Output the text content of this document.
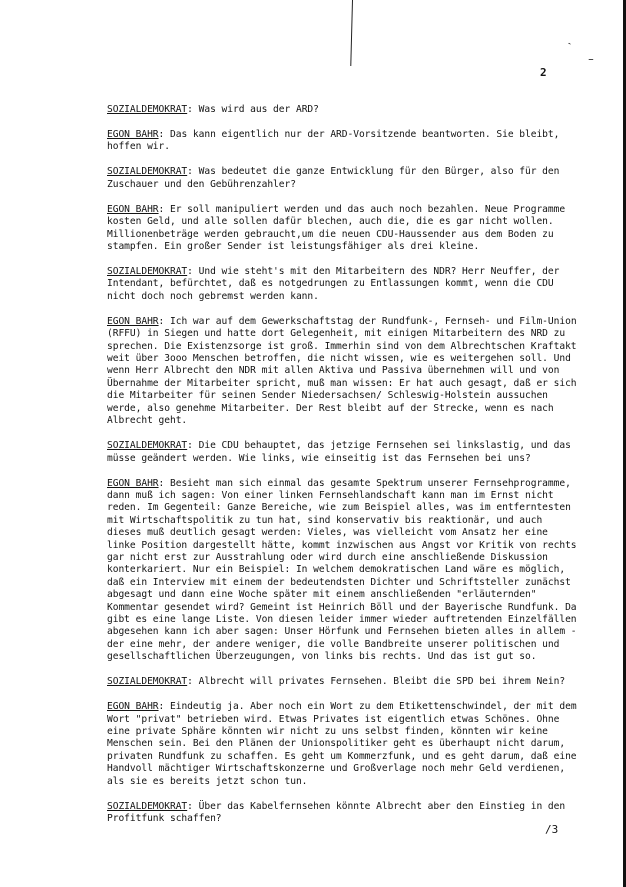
ˎ
̵
2

SOZIALDEMOKRAT: Was wird aus der ARD?

EGON BAHR: Das kann eigentlich nur der ARD-Vorsitzende beantworten. Sie bleibt, hoffen wir.

SOZIALDEMOKRAT: Was bedeutet die ganze Entwicklung für den Bürger, also für den Zuschauer und den Gebührenzahler?

EGON BAHR: Er soll manipuliert werden und das auch noch bezahlen. Neue Programme kosten Geld, und alle sollen dafür blechen, auch die, die es gar nicht wollen. Millionenbeträge werden gebraucht,um die neuen CDU-Haussender aus dem Boden zu stampfen. Ein großer Sender ist leistungsfähiger als drei kleine.

SOZIALDEMOKRAT: Und wie steht's mit den Mitarbeitern des NDR? Herr Neuffer, der Intendant, befürchtet, daß es notgedrungen zu Entlassungen kommt, wenn die CDU nicht doch noch gebremst werden kann.

EGON BAHR: Ich war auf dem Gewerkschaftstag der Rundfunk-, Fernseh- und Film-Union (RFFU) in Siegen und hatte dort Gelegenheit, mit einigen Mitarbeitern des NRD zu sprechen. Die Existenzsorge ist groß. Immerhin sind von dem Albrechtschen Kraftakt weit über 3ooo Menschen betroffen, die nicht wissen, wie es weitergehen soll. Und wenn Herr Albrecht den NDR mit allen Aktiva und Passiva übernehmen will und von Übernahme der Mitarbeiter spricht, muß man wissen: Er hat auch gesagt, daß er sich die Mitarbeiter für seinen Sender Niedersachsen/ Schleswig-Holstein aussuchen werde, also genehme Mitarbeiter. Der Rest bleibt auf der Strecke, wenn es nach Albrecht geht.

SOZIALDEMOKRAT: Die CDU behauptet, das jetzige Fernsehen sei linkslastig, und das müsse geändert werden. Wie links, wie einseitig ist das Fernsehen bei uns?

EGON BAHR: Besieht man sich einmal das gesamte Spektrum unserer Fernsehprogramme, dann muß ich sagen: Von einer linken Fernsehlandschaft kann man im Ernst nicht reden. Im Gegenteil: Ganze Bereiche, wie zum Beispiel alles, was im entferntesten mit Wirtschaftspolitik zu tun hat, sind konservativ bis reaktionär, und auch dieses muß deutlich gesagt werden: Vieles, was vielleicht vom Ansatz her eine linke Position dargestellt hätte, kommt inzwischen aus Angst vor Kritik von rechts gar nicht erst zur Ausstrahlung oder wird durch eine anschließende Diskussion konterkariert. Nur ein Beispiel: In welchem demokratischen Land wäre es möglich, daß ein Interview mit einem der bedeutendsten Dichter und Schriftsteller zunächst abgesagt und dann eine Woche später mit einem anschließenden "erläuternden" Kommentar gesendet wird? Gemeint ist Heinrich Böll und der Bayerische Rundfunk. Da gibt es eine lange Liste. Von diesen leider immer wieder auftretenden Einzelfällen abgesehen kann ich aber sagen: Unser Hörfunk und Fernsehen bieten alles in allem - der eine mehr, der andere weniger, die volle Bandbreite unserer politischen und gesellschaftlichen Überzeugungen, von links bis rechts. Und das ist gut so.

SOZIALDEMOKRAT: Albrecht will privates Fernsehen. Bleibt die SPD bei ihrem Nein?

EGON BAHR: Eindeutig ja. Aber noch ein Wort zu dem Etikettenschwindel, der mit dem Wort "privat" betrieben wird. Etwas Privates ist eigentlich etwas Schönes. Ohne eine private Sphäre könnten wir nicht zu uns selbst finden, könnten wir keine Menschen sein. Bei den Plänen der Unionspolitiker geht es überhaupt nicht darum, privaten Rundfunk zu schaffen. Es geht um Kommerzfunk, und es geht darum, daß eine Handvoll mächtiger Wirtschaftskonzerne und Großverlage noch mehr Geld verdienen, als sie es bereits jetzt schon tun.

SOZIALDEMOKRAT: Über das Kabelfernsehen könnte Albrecht aber den Einstieg in den Profitfunk schaffen?

/3
